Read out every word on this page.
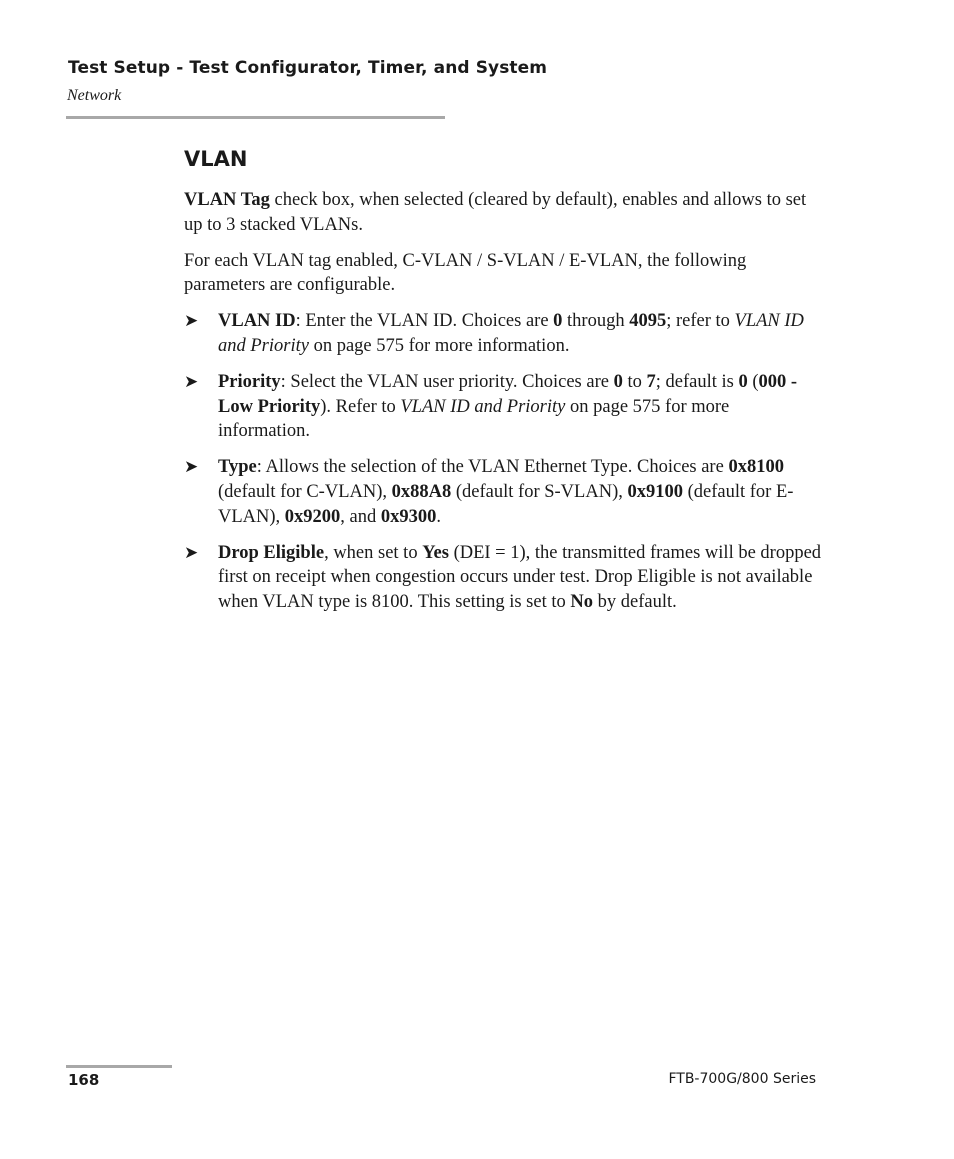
Test Setup - Test Configurator, Timer, and System
Network
VLAN

VLAN Tag check box, when selected (cleared by default), enables and allows to set up to 3 stacked VLANs.

For each VLAN tag enabled, C-VLAN / S-VLAN / E-VLAN, the following parameters are configurable.

➤ VLAN ID: Enter the VLAN ID. Choices are 0 through 4095; refer to VLAN ID and Priority on page 575 for more information.
➤ Priority: Select the VLAN user priority. Choices are 0 to 7; default is 0 (000 - Low Priority). Refer to VLAN ID and Priority on page 575 for more information.
➤ Type: Allows the selection of the VLAN Ethernet Type. Choices are 0x8100 (default for C-VLAN), 0x88A8 (default for S-VLAN), 0x9100 (default for E-VLAN), 0x9200, and 0x9300.
➤ Drop Eligible, when set to Yes (DEI = 1), the transmitted frames will be dropped first on receipt when congestion occurs under test. Drop Eligible is not available when VLAN type is 8100. This setting is set to No by default.
168	FTB-700G/800 Series
